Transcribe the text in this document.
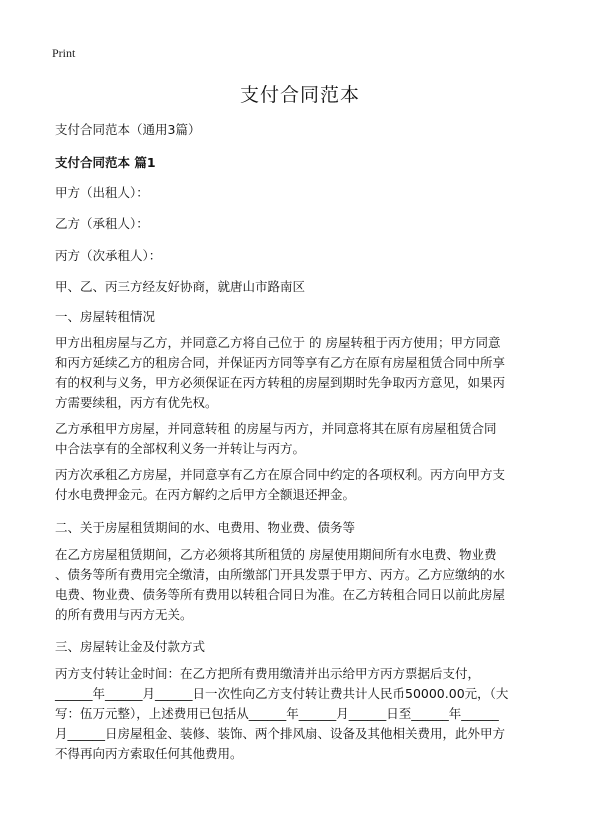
Print
支付合同范本
支付合同范本（通用3篇）
支付合同范本 篇1
甲方（出租人）：
乙方（承租人）：
丙方（次承租人）：
甲、乙、丙三方经友好协商，就唐山市路南区
一、房屋转租情况
甲方出租房屋与乙方，并同意乙方将自己位于 的 房屋转租于丙方使用；甲方同意
和丙方延续乙方的租房合同，并保证丙方同等享有乙方在原有房屋租赁合同中所享
有的权利与义务，甲方必须保证在丙方转租的房屋到期时先争取丙方意见，如果丙
方需要续租，丙方有优先权。
乙方承租甲方房屋，并同意转租 的房屋与丙方，并同意将其在原有房屋租赁合同
中合法享有的全部权利义务一并转让与丙方。
丙方次承租乙方房屋，并同意享有乙方在原合同中约定的各项权利。丙方向甲方支
付水电费押金元。在丙方解约之后甲方全额退还押金。
二、关于房屋租赁期间的水、电费用、物业费、债务等
在乙方房屋租赁期间，乙方必须将其所租赁的 房屋使用期间所有水电费、物业费
、债务等所有费用完全缴清，由所缴部门开具发票于甲方、丙方。乙方应缴纳的水
电费、物业费、债务等所有费用以转租合同日为准。在乙方转租合同日以前此房屋
的所有费用与丙方无关。
三、房屋转让金及付款方式
丙方支付转让金时间：在乙方把所有费用缴清并出示给甲方丙方票据后支付，
______年______月______日一次性向乙方支付转让费共计人民币50000.00元，（大
写：伍万元整），上述费用已包括从______年______月______日至______年______
月______日房屋租金、装修、装饰、两个排风扇、设备及其他相关费用，此外甲方
不得再向丙方索取任何其他费用。
